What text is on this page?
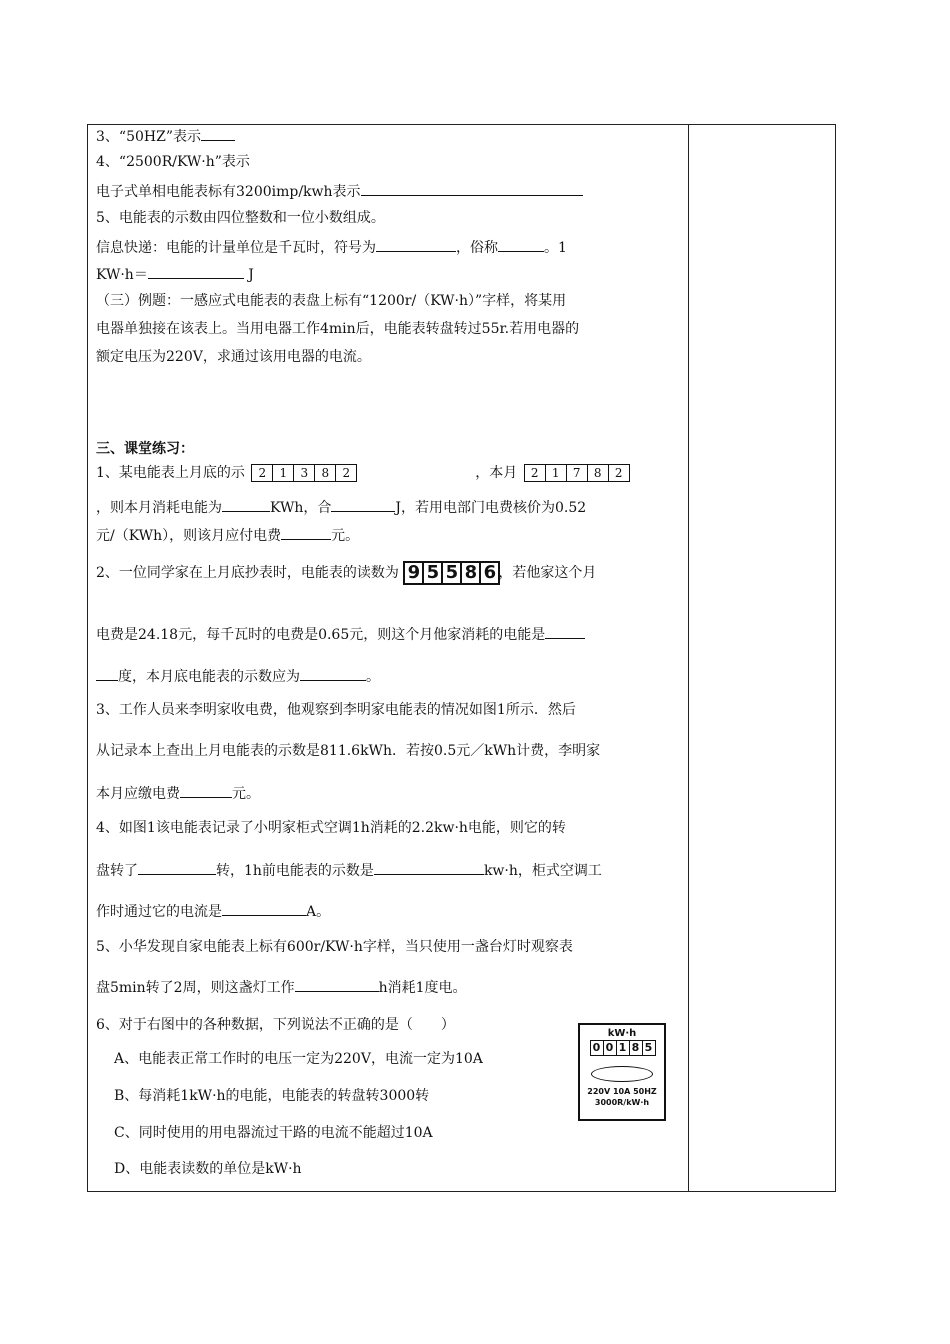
3、“50HZ”表示
4、“2500R/KW·h”表示
电子式单相电能表标有3200imp/kwh表示
5、电能表的示数由四位整数和一位小数组成。
信息快递：电能的计量单位是千瓦时，符号为	，俗称	。1
KW·h＝	J
（三）例题：一感应式电能表的表盘上标有“1200r/（KW·h）”字样，将某用
电器单独接在该表上。当用电器工作4min后，电能表转盘转过55r.若用电器的
额定电压为220V，求通过该用电器的电流。
三、课堂练习：
1、某电能表上月底的示 2 1 3 8 2	，本月 2 1 7 8 2
，则本月消耗电能为	KWh，合	J，若用电部门电费核价为0.52
元/（KWh），则该月应付电费	元。
2、一位同学家在上月底抄表时，电能表的读数为 9 5 5 8 6 ，若他家这个月
电费是24.18元，每千瓦时的电费是0.65元，则这个月他家消耗的电能是
度，本月底电能表的示数应为	。
3、工作人员来李明家收电费，他观察到李明家电能表的情况如图1所示．然后
从记录本上查出上月电能表的示数是811.6kWh．若按0.5元／kWh计费，李明家
本月应缴电费	元。
4、如图1该电能表记录了小明家柜式空调1h消耗的2.2kw·h电能，则它的转
盘转了	转，1h前电能表的示数是	kw·h，柜式空调工
作时通过它的电流是	A。
5、小华发现自家电能表上标有600r/KW·h字样，当只使用一盏台灯时观察表
盘5min转了2周，则这盏灯工作	h消耗1度电。
6、对于右图中的各种数据，下列说法不正确的是（　　）
A、电能表正常工作时的电压一定为220V，电流一定为10A
B、每消耗1kW·h的电能，电能表的转盘转3000转
C、同时使用的用电器流过干路的电流不能超过10A
D、电能表读数的单位是kW·h
kW·h
0 0 1 8 5
220V 10A 50HZ
3000R/kW·h
